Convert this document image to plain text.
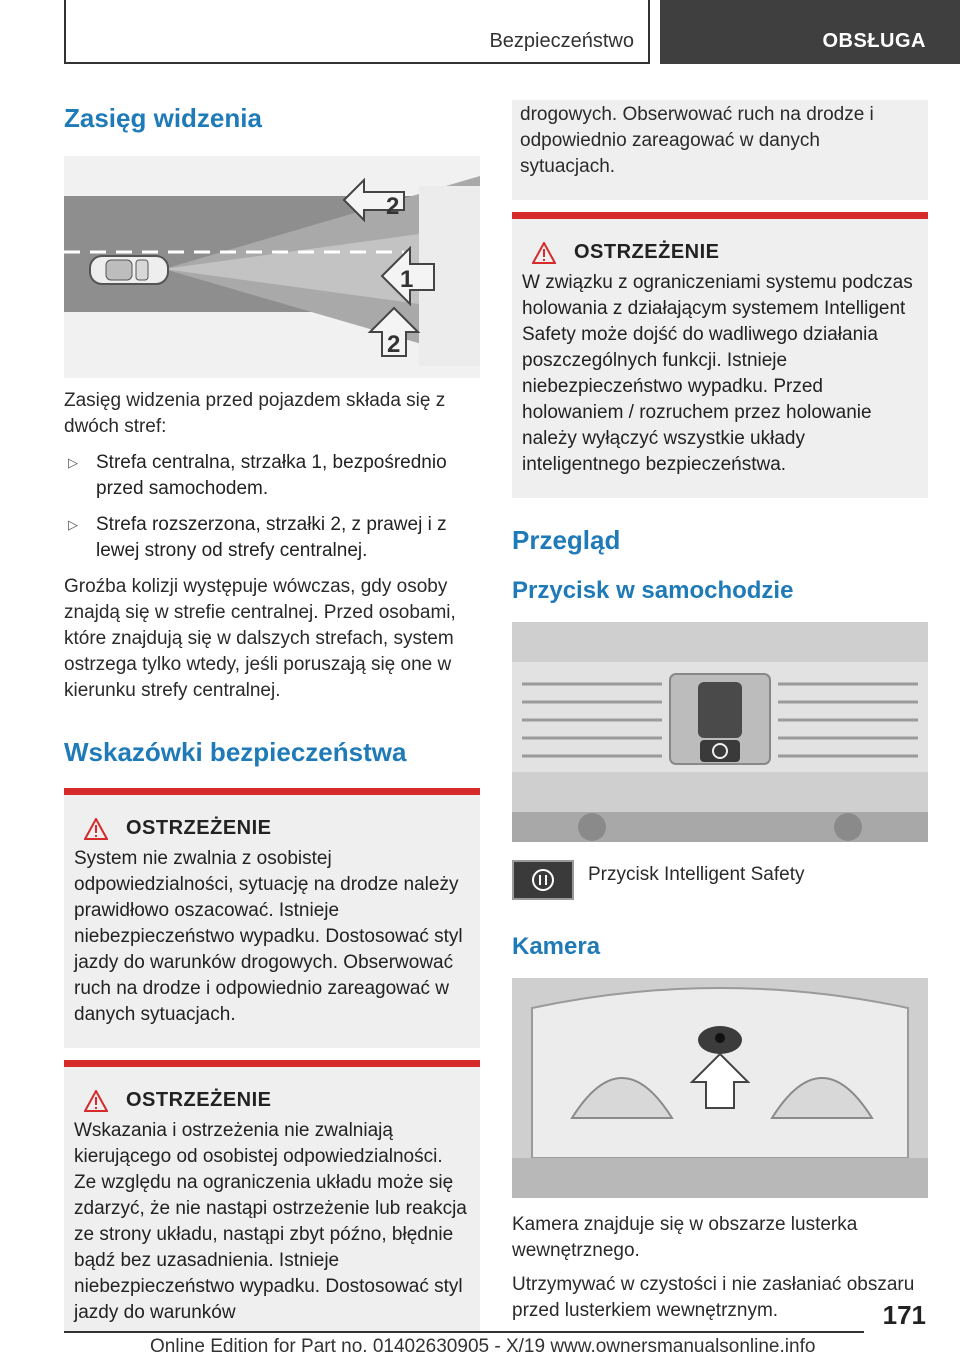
Bezpieczeństwo	OBSŁUGA
Zasięg widzenia
2
1
2

Zasięg widzenia przed pojazdem składa się z dwóch stref:

▷ Strefa centralna, strzałka 1, bezpośrednio przed samochodem.
▷ Strefa rozszerzona, strzałki 2, z prawej i z lewej strony od strefy centralnej.

Groźba kolizji występuje wówczas, gdy osoby znajdą się w strefie centralnej. Przed osobami, które znajdują się w dalszych strefach, system ostrzega tylko wtedy, jeśli poruszają się one w kierunku strefy centralnej.

Wskazówki bezpieczeństwa
OSTRZEŻENIE

System nie zwalnia z osobistej odpowiedzialności, sytuację na drodze należy prawidłowo oszacować. Istnieje niebezpieczeństwo wypadku. Dostosować styl jazdy do warunków drogowych. Obserwować ruch na drodze i odpowiednio zareagować w danych sytuacjach.

OSTRZEŻENIE

Wskazania i ostrzeżenia nie zwalniają kierującego od osobistej odpowiedzialności. Ze względu na ograniczenia układu może się zdarzyć, że nie nastąpi ostrzeżenie lub reakcja ze strony układu, nastąpi zbyt późno, błędnie bądź bez uzasadnienia. Istnieje niebezpieczeństwo wypadku. Dostosować styl jazdy do warunków

drogowych. Obserwować ruch na drodze i odpowiednio zareagować w danych sytuacjach.

OSTRZEŻENIE

W związku z ograniczeniami systemu podczas holowania z działającym systemem Intelligent Safety może dojść do wadliwego działania poszczególnych funkcji. Istnieje niebezpieczeństwo wypadku. Przed holowaniem / rozruchem przez holowanie należy wyłączyć wszystkie układy inteligentnego bezpieczeństwa.

Przegląd
Przycisk w samochodzie

Przycisk Intelligent Safety

Kamera

Kamera znajduje się w obszarze lusterka wewnętrznego.

Utrzymywać w czystości i nie zasłaniać obszaru przed lusterkiem wewnętrznym.	171
Online Edition for Part no. 01402630905 - X/19 www.ownersmanualsonline.info
